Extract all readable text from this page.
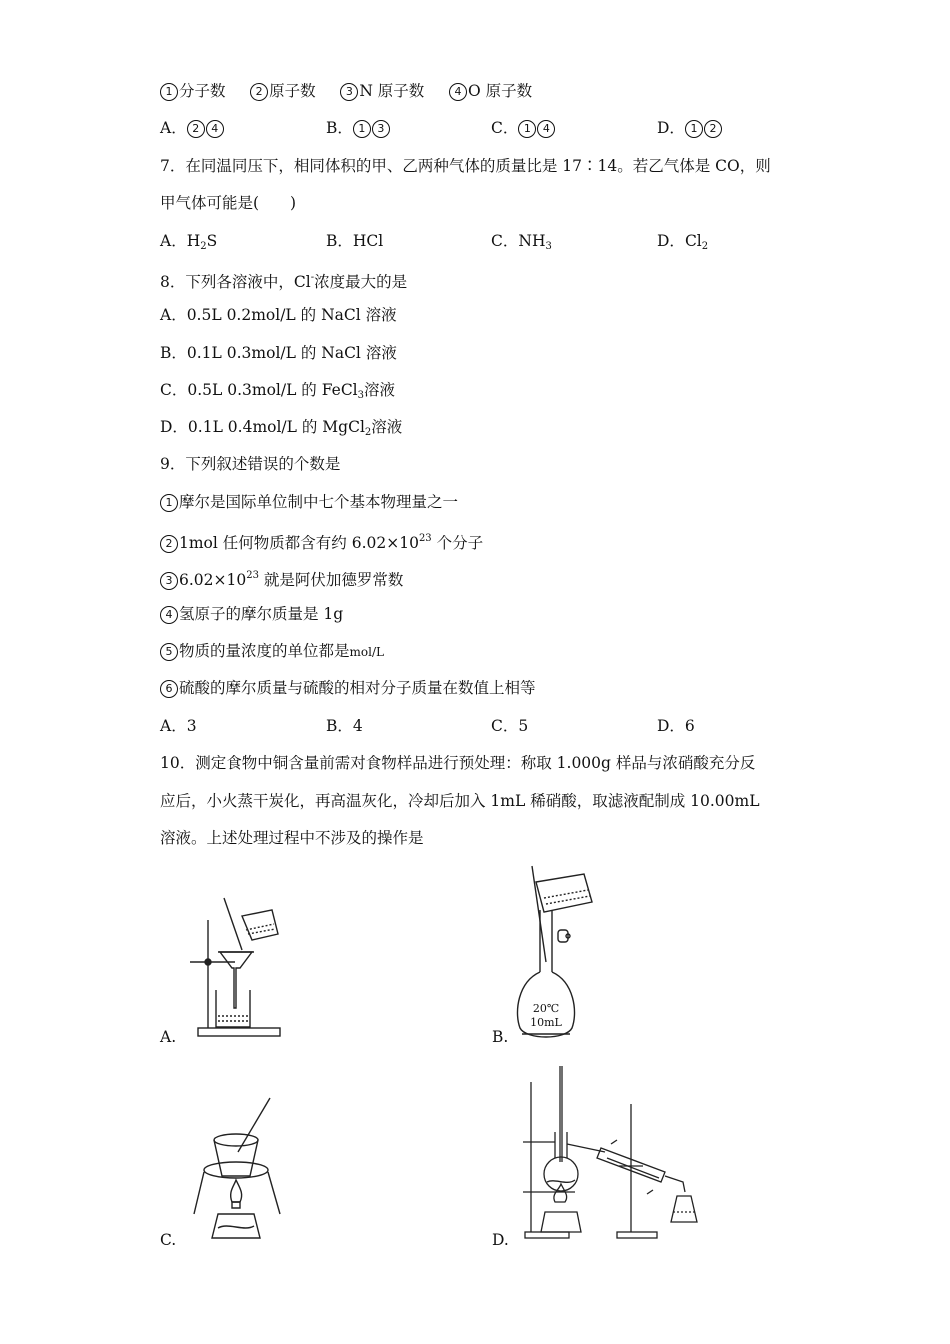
1 分子数	2 原子数	3 N 原子数	4 O 原子数
A． 2 4	B． 1 3	C． 1 4	D． 1 2
7．在同温同压下，相同体积的甲、乙两种气体的质量比是 17∶14。若乙气体是 CO，则
甲气体可能是(　　)
A．$H_2S$	B．HCl	C．$NH_3$	D．$Cl_2$
8．下列各溶液中，Cl-浓度最大的是
A．0.5L 0.2mol/L 的 NaCl 溶液
B．0.1L 0.3mol/L 的 NaCl 溶液
C．0.5L 0.3mol/L 的 FeCl$_3$溶液
D．0.1L 0.4mol/L 的 MgCl$_2$溶液
9．下列叙述错误的个数是
1 摩尔是国际单位制中七个基本物理量之一
2 1mol 任何物质都含有约 $6.02\times 10^{23}$ 个分子
3 $6.02\times 10^{23}$ 就是阿伏加德罗常数
4 氢原子的摩尔质量是 1g
5 物质的量浓度的单位都是mol/L
6 硫酸的摩尔质量与硫酸的相对分子质量在数值上相等
A．3	B．4	C．5	D．6
10．测定食物中铜含量前需对食物样品进行预处理：称取 1.000g 样品与浓硝酸充分反
应后，小火蒸干炭化，再高温灰化，冷却后加入 1mL 稀硝酸，取滤液配制成 10.00mL
溶液。上述处理过程中不涉及的操作是
A.	B.
20℃
10mL
C.	D.
